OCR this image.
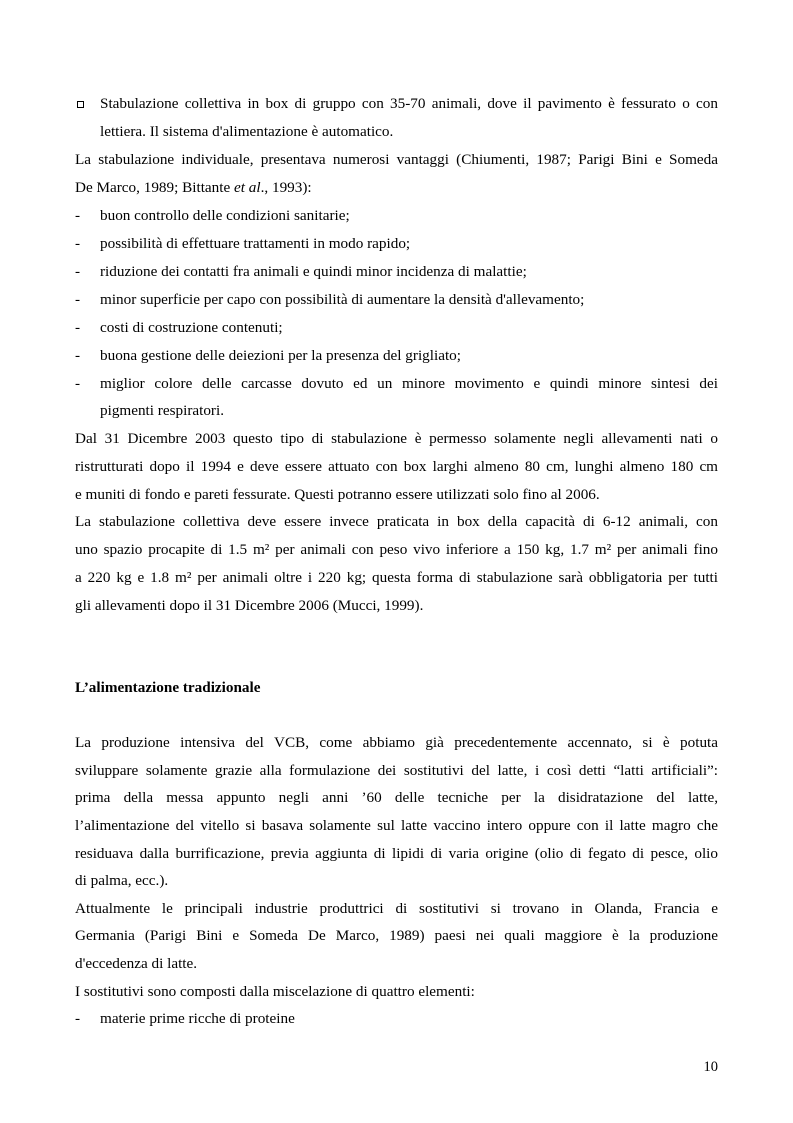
Stabulazione collettiva in box di gruppo con 35-70 animali, dove il pavimento è fessurato o con
lettiera. Il sistema d'alimentazione è automatico.
La stabulazione individuale, presentava numerosi vantaggi (Chiumenti, 1987; Parigi Bini e Someda
De Marco, 1989; Bittante et al., 1993):
- buon controllo delle condizioni sanitarie;
- possibilità di effettuare trattamenti in modo rapido;
- riduzione dei contatti fra animali e quindi minor incidenza di malattie;
- minor superficie per capo con possibilità di aumentare la densità d'allevamento;
- costi di costruzione contenuti;
- buona gestione delle deiezioni per la presenza del grigliato;
- miglior colore delle carcasse dovuto ed un minore movimento e quindi minore sintesi dei
pigmenti respiratori.
Dal 31 Dicembre 2003 questo tipo di stabulazione è permesso solamente negli allevamenti nati o
ristrutturati dopo il 1994 e deve essere attuato con box larghi almeno 80 cm, lunghi almeno 180 cm
e muniti di fondo e pareti fessurate. Questi potranno essere utilizzati solo fino al 2006.
La stabulazione collettiva deve essere invece praticata in box della capacità di 6-12 animali, con
uno spazio procapite di 1.5 m² per animali con peso vivo inferiore a 150 kg, 1.7 m² per animali fino
a 220 kg e 1.8 m² per animali oltre i 220 kg; questa forma di stabulazione sarà obbligatoria per tutti
gli allevamenti dopo il 31 Dicembre 2006 (Mucci, 1999).
L’alimentazione tradizionale
La produzione intensiva del VCB, come abbiamo già precedentemente accennato, si è potuta
sviluppare solamente grazie alla formulazione dei sostitutivi del latte, i così detti “latti artificiali”:
prima della messa appunto negli anni ’60 delle tecniche per la disidratazione del latte,
l’alimentazione del vitello si basava solamente sul latte vaccino intero oppure con il latte magro che
residuava dalla burrificazione, previa aggiunta di lipidi di varia origine (olio di fegato di pesce, olio
di palma, ecc.).
Attualmente le principali industrie produttrici di sostitutivi si trovano in Olanda, Francia e
Germania (Parigi Bini e Someda De Marco, 1989) paesi nei quali maggiore è la produzione
d'eccedenza di latte.
I sostitutivi sono composti dalla miscelazione di quattro elementi:
- materie prime ricche di proteine
10
